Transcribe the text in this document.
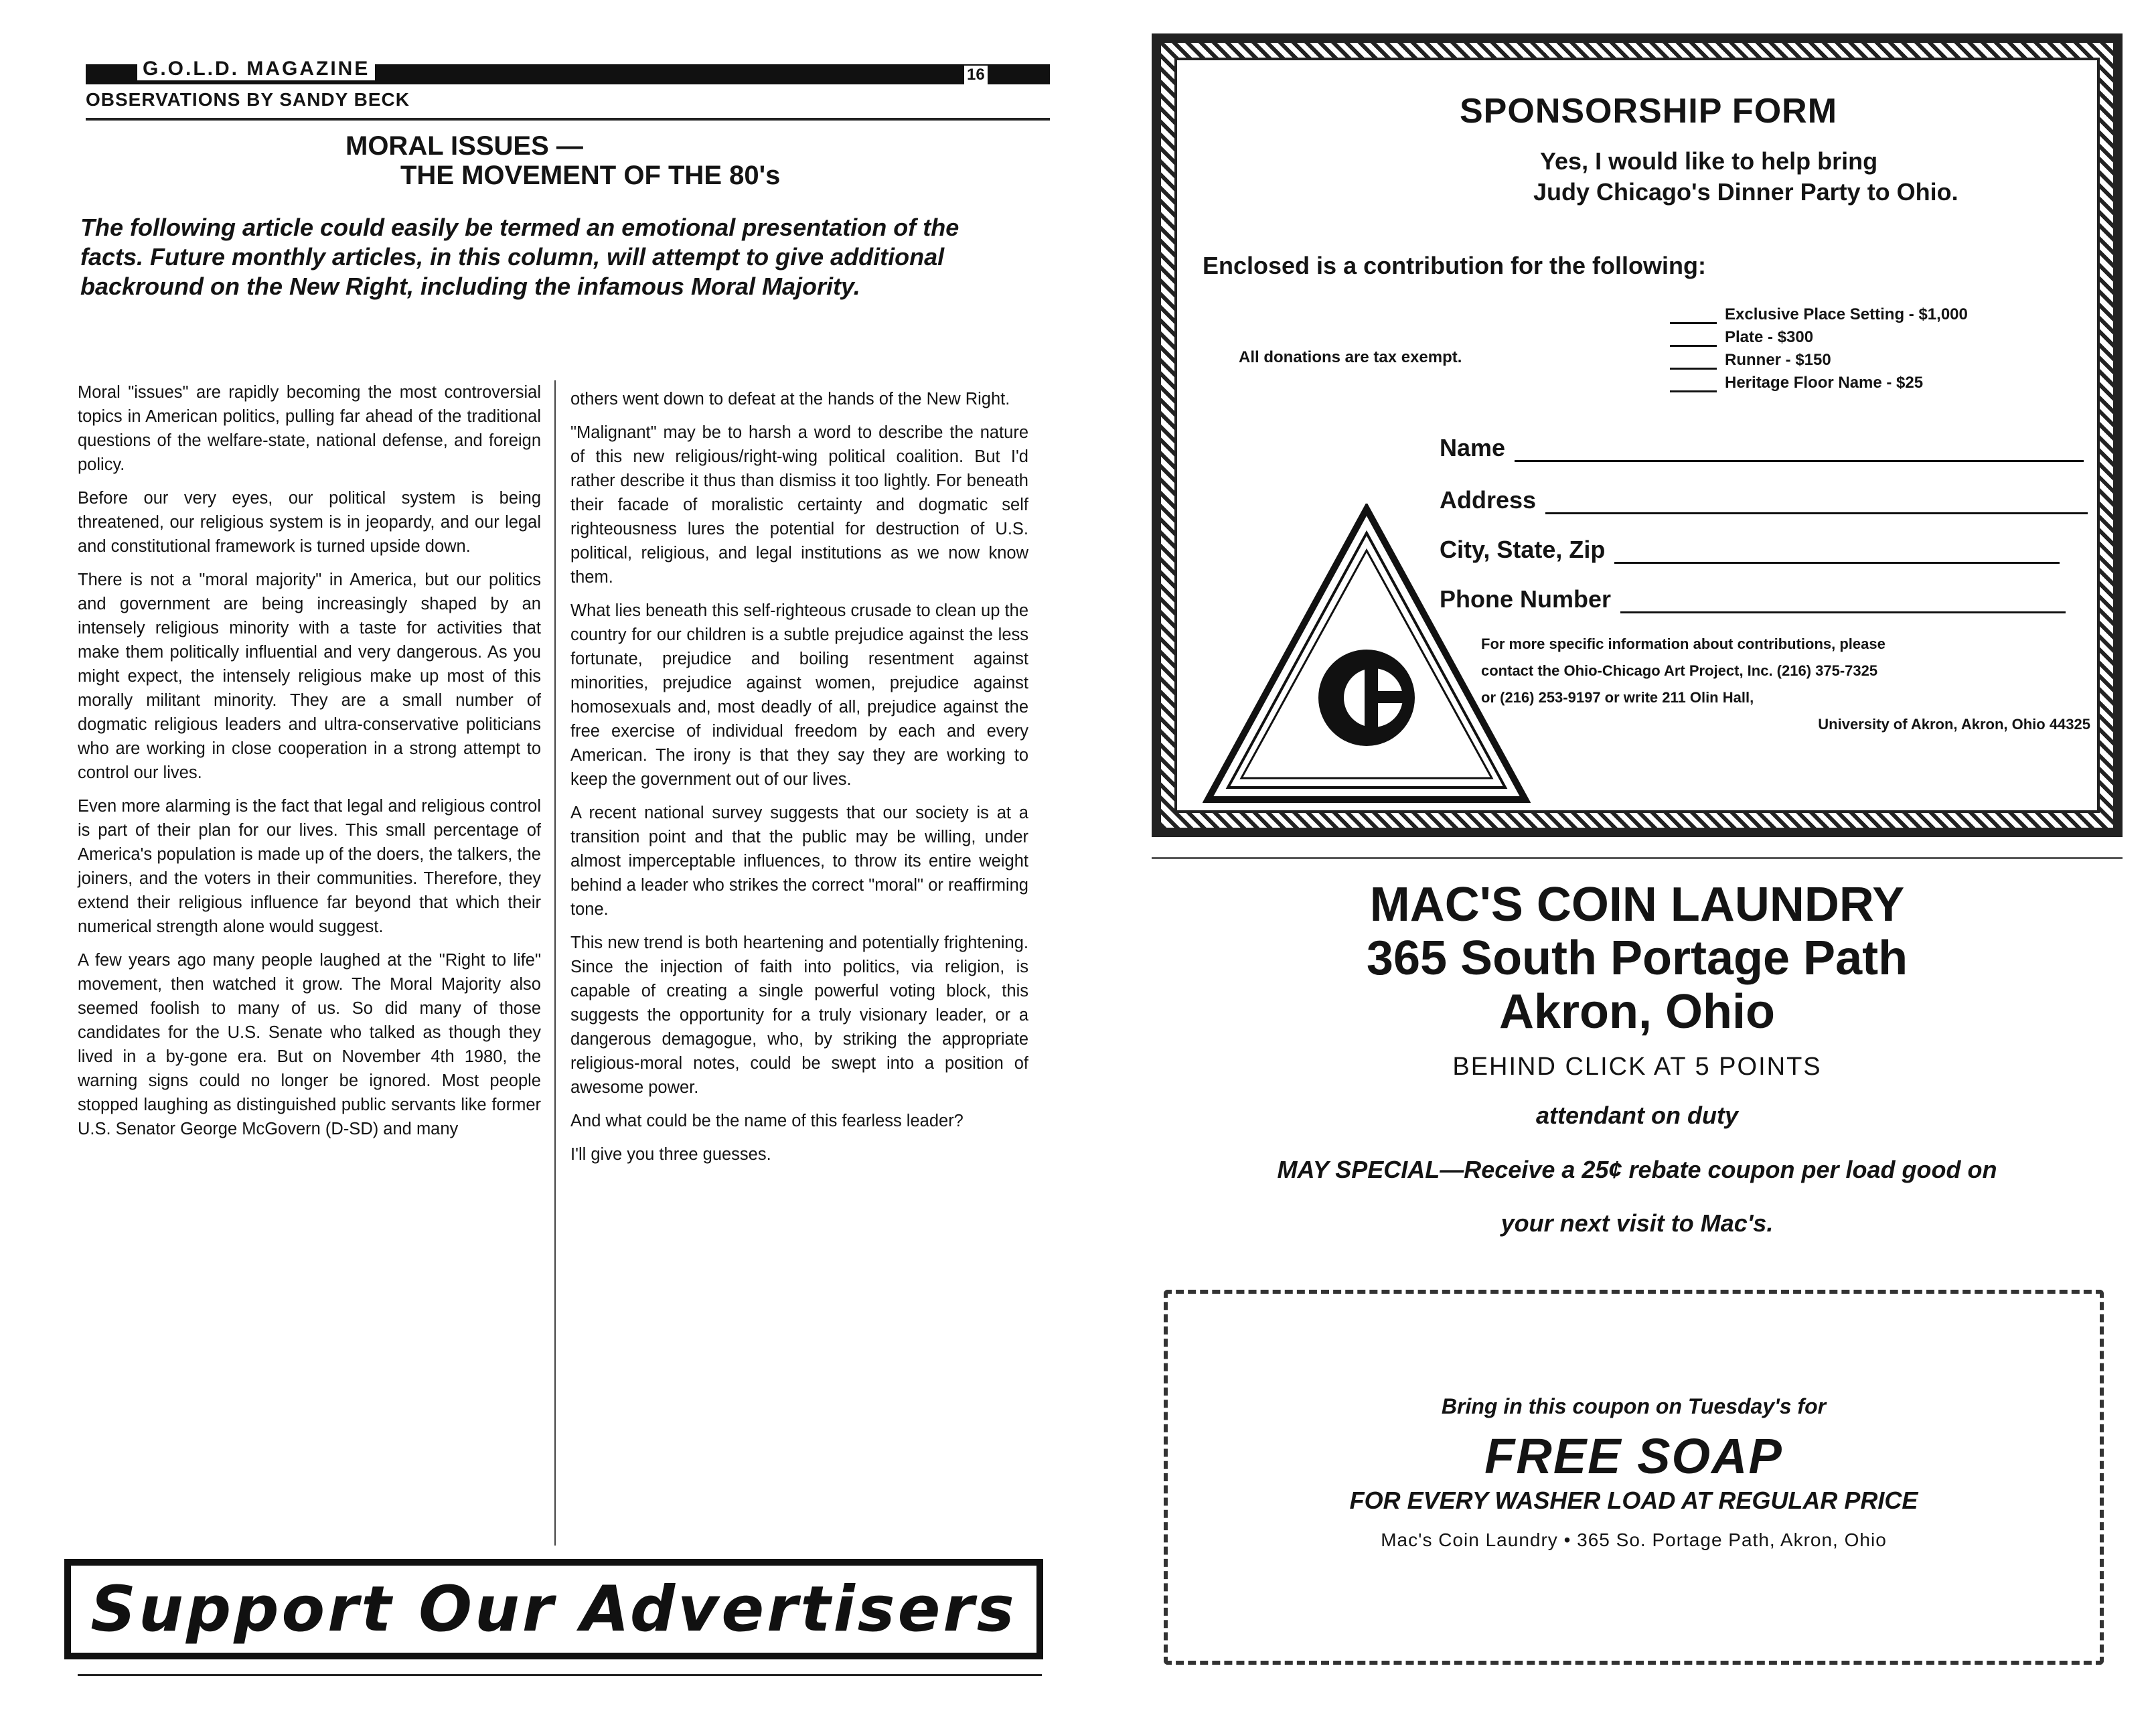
G.O.L.D. MAGAZINE	16
OBSERVATIONS BY SANDY BECK
MORAL ISSUES —
THE MOVEMENT OF THE 80's
The following article could easily be termed an emotional presentation of the facts. Future monthly articles, in this column, will attempt to give additional backround on the New Right, including the infamous Moral Majority.

Moral "issues" are rapidly becoming the most controversial topics in American politics, pulling far ahead of the traditional questions of the welfare-state, national defense, and foreign policy.

Before our very eyes, our political system is being threatened, our religious system is in jeopardy, and our legal and constitutional framework is turned upside down.

There is not a "moral majority" in America, but our politics and government are being increasingly shaped by an intensely religious minority with a taste for activities that make them politically influential and very dangerous. As you might expect, the intensely religious make up most of this morally militant minority. They are a small number of dogmatic religious leaders and ultra-conservative politicians who are working in close cooperation in a strong attempt to control our lives.

Even more alarming is the fact that legal and religious control is part of their plan for our lives. This small percentage of America's population is made up of the doers, the talkers, the joiners, and the voters in their communities. Therefore, they extend their religious influence far beyond that which their numerical strength alone would suggest.

A few years ago many people laughed at the "Right to life" movement, then watched it grow. The Moral Majority also seemed foolish to many of us. So did many of those candidates for the U.S. Senate who talked as though they lived in a by-gone era. But on November 4th 1980, the warning signs could no longer be ignored. Most people stopped laughing as distinguished public servants like former U.S. Senator George McGovern (D-SD) and many

others went down to defeat at the hands of the New Right.

"Malignant" may be to harsh a word to describe the nature of this new religious/right-wing political coalition. But I'd rather describe it thus than dismiss it too lightly. For beneath their facade of moralistic certainty and dogmatic self righteousness lures the potential for destruction of U.S. political, religious, and legal institutions as we now know them.

What lies beneath this self-righteous crusade to clean up the country for our children is a subtle prejudice against the less fortunate, prejudice and boiling resentment against minorities, prejudice against women, prejudice against homosexuals and, most deadly of all, prejudice against the free exercise of individual freedom by each and every American. The irony is that they say they are working to keep the government out of our lives.

A recent national survey suggests that our society is at a transition point and that the public may be willing, under almost imperceptable influences, to throw its entire weight behind a leader who strikes the correct "moral" or reaffirming tone.

This new trend is both heartening and potentially frightening. Since the injection of faith into politics, via religion, is capable of creating a single powerful voting block, this suggests the opportunity for a truly visionary leader, or a dangerous demagogue, who, by striking the appropriate religious-moral notes, could be swept into a position of awesome power.

And what could be the name of this fearless leader?

I'll give you three guesses.

Support Our Advertisers
SPONSORSHIP FORM
Yes, I would like to help bring
Judy Chicago's Dinner Party to Ohio.
Enclosed is a contribution for the following:
All donations are tax exempt.
Exclusive Place Setting - $1,000
Plate - $300
Runner - $150
Heritage Floor Name - $25
Name
Address
City, State, Zip
Phone Number
For more specific information about contributions, please
contact the Ohio-Chicago Art Project, Inc. (216) 375-7325
or (216) 253-9197 or write 211 Olin Hall,
University of Akron, Akron, Ohio 44325
MAC'S COIN LAUNDRY
365 South Portage Path
Akron, Ohio
BEHIND CLICK AT 5 POINTS
attendant on duty
MAY SPECIAL—Receive a 25¢ rebate coupon per load good on
your next visit to Mac's.
Bring in this coupon on Tuesday's for
FREE SOAP
FOR EVERY WASHER LOAD AT REGULAR PRICE
Mac's Coin Laundry • 365 So. Portage Path, Akron, Ohio
